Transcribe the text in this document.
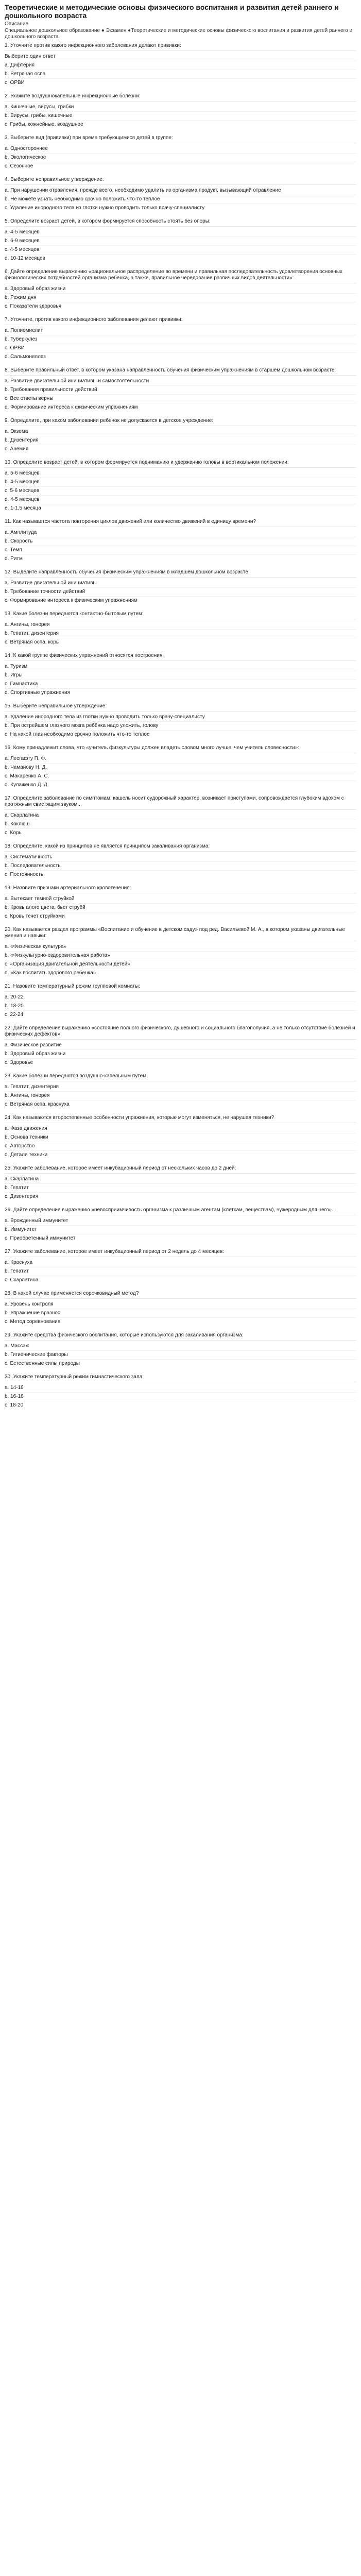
Теоретические и методические основы физического воспитания и развития детей раннего и дошкольного возраста
Описание
Специальное дошкольное образование ● Экзамен ●Теоретические и методические основы физического воспитания и развития детей раннего и дошкольного возраста
1. Уточните против какого инфекционного заболевания делают прививки:
Выберите один ответ
a. Дифтерия
b. Ветряная оспа
c. ОРВИ
2. Укажите воздушнокапельные инфекционные болезни:
a. Кишечные, вирусы, грибки
b. Вирусы, грибы, кишечные
c. Грибы, кожнейные, воздушное
3. Выберите вид (прививки) при време требующимися детей в группе:
a. Одностороннее
b. Экологическое
c. Сезонное
4. Выберите неправильное утверждение:
a. При нарушении отравления, прежде всего, необходимо удалить из организма продукт, вызывающий отравление
b. Не можете узнать необходимо срочно положить что-то теплое
c. Удаление инородного тела из глотки нужно проводить только врачу-специалисту
5. Определите возраст детей, в котором формируется способность стоять без опоры:
a. 4-5 месяцев
b. 6-9 месяцев
c. 4-5 месяцев
d. 10-12 месяцев
6. Дайте определение выражению «рациональное распределение во времени и правильная последовательность удовлетворения основных физиологических потребностей организма ребенка, а также, правильное чередование различных видов деятельности»:
a. Здоровый образ жизни
b. Режим дня
c. Показатели здоровья
7. Уточните, против какого инфекционного заболевания делают прививки:
a. Полиомиелит
b. Туберкулез
c. ОРВИ
d. Сальмонеллез
8. Выберите правильный ответ, в котором указана направленность обучения физическим упражнениям в старшем дошкольном возрасте:
a. Развитие двигательной инициативы и самостоятельности
b. Требования правильности действий
c. Все ответы верны
d. Формирование интереса к физическим упражнениям
9. Определите, при каком заболевании ребенок не допускается в детское учреждение:
a. Экзема
b. Дизентерия
c. Анемия
10. Определите возраст детей, в котором формируется подниманию и удержанию головы в вертикальном положении:
a. 5-6 месяцев
b. 4-5 месяцев
c. 5-6 месяцев
d. 4-5 месяцев
e. 1-1,5 месяца
11. Как называется частота повторения циклов движений или количество движений в единицу времени?
a. Амплитуда
b. Скорость
c. Темп
d. Ритм
12. Выделите направленность обучения физическим упражнениям в младшем дошкольном возрасте:
a. Развитие двигательной инициативы
b. Требование точности действий
c. Формирование интереса к физическим упражнениям
13. Какие болезни передаются контактно-бытовым путем:
a. Ангины, гонорея
b. Гепатит, дизентерия
c. Ветряная оспа, корь
14. К какой группе физических упражнений относятся построения:
a. Туризм
b. Игры
c. Гимнастика
d. Спортивные упражнения
15. Выберите неправильное утверждение:
a. Удаление инородного тела из глотки нужно проводить только врачу-специалисту
b. При острейшем глазного мозга ребёнка надо уложить, голову
c. На какой глаз необходимо срочно положить что-то теплое
16. Кому принадлежит слова, что «учитель физкультуры должен владеть словом много лучше, чем учитель словесности»:
a. Лесгафту П. Ф.
b. Чаманову Н. Д.
c. Макаренко А. С.
d. Кулаженко Д. Д.
17. Определите заболевание по симптомам: кашель носит судорожный характер, возникает приступами, сопровождается глубоким вдохом с протяжным свистящим звуком...
a. Скарлатина
b. Коклюш
c. Корь
18. Определите, какой из принципов не является принципом закаливания организма:
a. Систематичность
b. Последовательность
c. Постоянность
19. Назовите признаки артериального кровотечения:
a. Вытекает темной струйкой
b. Кровь алого цвета, бьет струёй
c. Кровь течет струйками
20. Как называется раздел программы «Воспитание и обучение в детском саду» под ред. Васильевой М. А., в котором указаны двигательные умения и навыки:
a. «Физическая культура»
b. «Физкультурно-оздоровительная работа»
c. «Организация двигательной деятельности детей»
d. «Как воспитать здорового ребенка»
21. Назовите температурный режим групповой комнаты:
a. 20-22
b. 18-20
c. 22-24
22. Дайте определение выражению «состояние полного физического, душевного и социального благополучия, а не только отсутствие болезней и физических дефектов»:
a. Физическое развитие
b. Здоровый образ жизни
c. Здоровье
23. Какие болезни передаются воздушно-капельным путем:
a. Гепатит, дизентерия
b. Ангины, гонорея
c. Ветряная оспа, краснуха
24. Как называются второстепенные особенности упражнения, которые могут изменяться, не нарушая техники?
a. Фаза движения
b. Основа техники
c. Авторство
d. Детали техники
25. Укажите заболевание, которое имеет инкубационный период от нескольких часов до 2 дней:
a. Скарлатина
b. Гепатит
c. Дизентерия
26. Дайте определение выражению «невосприимчивость организма к различным агентам (клеткам, веществам), чужеродным для него»...
a. Врожденный иммунитет
b. Иммунитет
c. Приобретенный иммунитет
27. Укажите заболевание, которое имеет инкубационный период от 2 недель до 4 месяцев:
a. Краснуха
b. Гепатит
c. Скарлатина
28. В какой случае применяется сорочковидный метод?
a. Уровень контроля
b. Упражнение вразнос
c. Метод соревнования
29. Укажите средства физического воспитания, которые используются для закаливания организма:
a. Массаж
b. Гигиенические факторы
c. Естественные силы природы
30. Укажите температурный режим гимнастического зала:
a. 14-16
b. 16-18
c. 18-20
